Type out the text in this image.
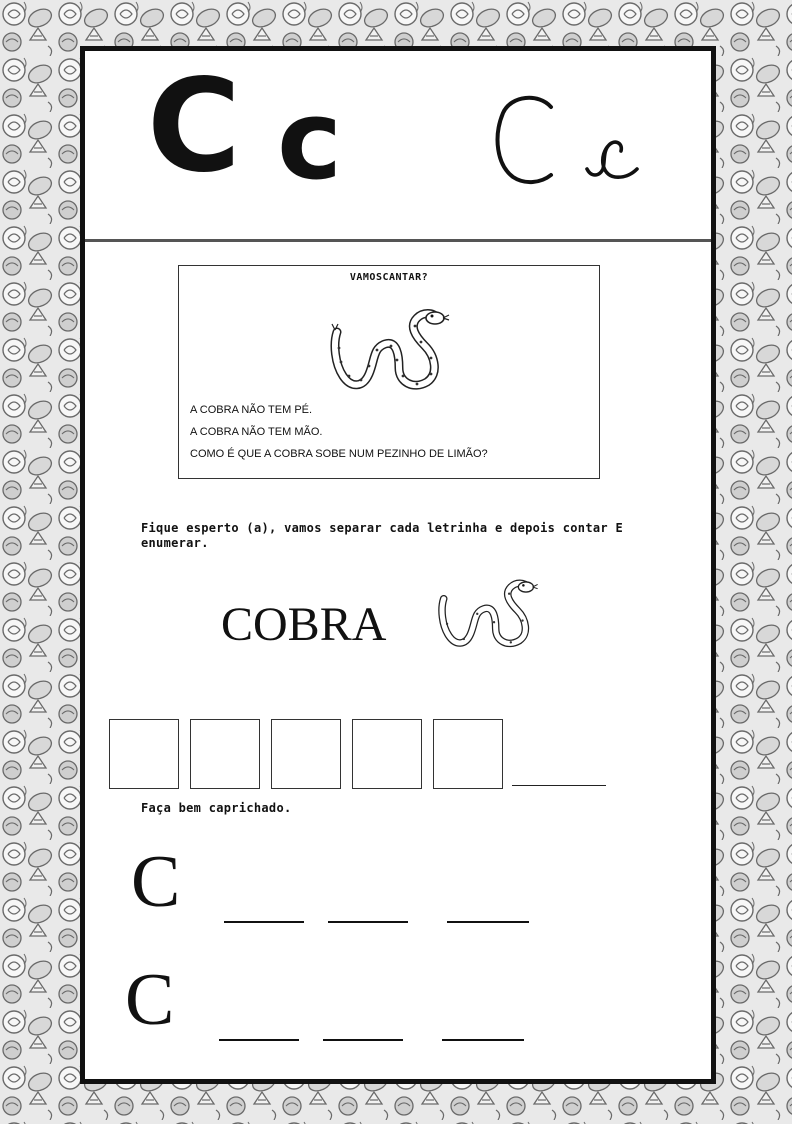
C c
VAMOSCANTAR?
A COBRA NÃO TEM PÉ.
A COBRA NÃO TEM MÃO.
COMO É QUE A COBRA SOBE NUM PEZINHO DE LIMÃO?
Fique esperto (a), vamos separar cada letrinha e depois contar E enumerar.
COBRA
Faça bem caprichado.
C
C
